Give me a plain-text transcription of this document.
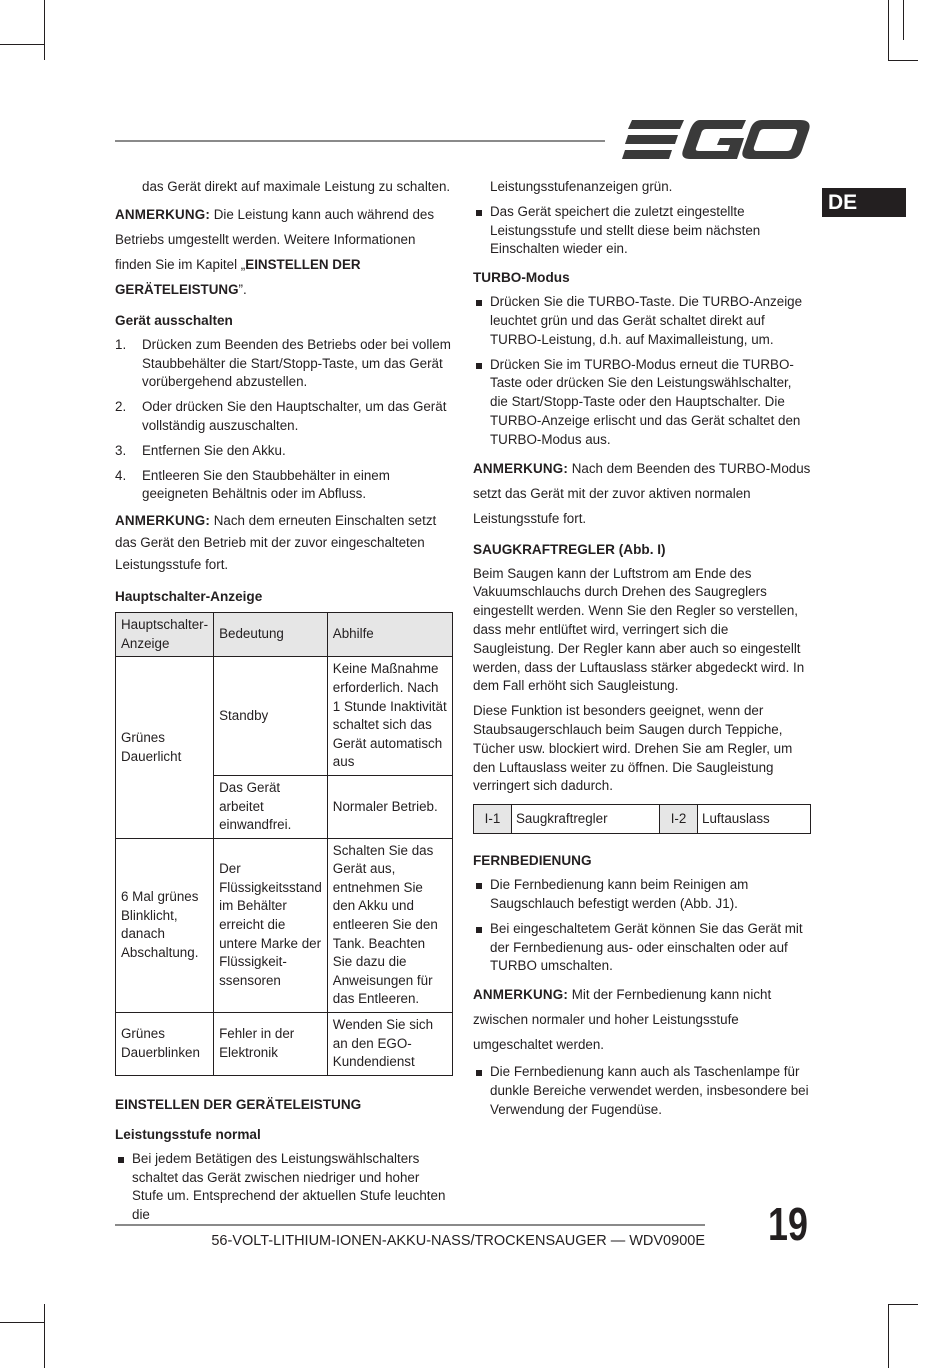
DE

das Gerät direkt auf maximale Leistung zu schalten.

ANMERKUNG: Die Leistung kann auch während des Betriebs umgestellt werden. Weitere Informationen finden Sie im Kapitel „EINSTELLEN DER GERÄTELEISTUNG”.

Gerät ausschalten
1. Drücken zum Beenden des Betriebs oder bei vollem Staubbehälter die Start/Stopp-Taste, um das Gerät vorübergehend abzustellen.
2. Oder drücken Sie den Hauptschalter, um das Gerät vollständig auszuschalten.
3. Entfernen Sie den Akku.
4. Entleeren Sie den Staubbehälter in einem geeigneten Behältnis oder im Abfluss.

ANMERKUNG: Nach dem erneuten Einschalten setzt das Gerät den Betrieb mit der zuvor eingeschalteten Leistungsstufe fort.

Hauptschalter-Anzeige
Hauptschalter-Anzeige	Bedeutung	Abhilfe
Grünes Dauerlicht	Standby	Keine Maßnahme erforderlich. Nach 1 Stunde Inaktivität schaltet sich das Gerät automatisch aus
	Das Gerät arbeitet einwandfrei.	Normaler Betrieb.
6 Mal grünes Blinklicht, danach Abschaltung.	Der Flüssigkeitsstand im Behälter erreicht die untere Marke der Flüssigkeit-ssensoren	Schalten Sie das Gerät aus, entnehmen Sie den Akku und entleeren Sie den Tank. Beachten Sie dazu die Anweisungen für das Entleeren.
Grünes Dauerblinken	Fehler in der Elektronik	Wenden Sie sich an den EGO-Kundendienst
EINSTELLEN DER GERÄTELEISTUNG
Leistungsstufe normal
Bei jedem Betätigen des Leistungswählschalters schaltet das Gerät zwischen niedriger und hoher Stufe um. Entsprechend der aktuellen Stufe leuchten die

Leistungsstufenanzeigen grün.

Das Gerät speichert die zuletzt eingestellte Leistungsstufe und stellt diese beim nächsten Einschalten wieder ein.
TURBO-Modus
Drücken Sie die TURBO-Taste. Die TURBO-Anzeige leuchtet grün und das Gerät schaltet direkt auf TURBO-Leistung, d.h. auf Maximalleistung, um.
Drücken Sie im TURBO-Modus erneut die TURBO-Taste oder drücken Sie den Leistungswählschalter, die Start/Stopp-Taste oder den Hauptschalter. Die TURBO-Anzeige erlischt und das Gerät schaltet den TURBO-Modus aus.

ANMERKUNG: Nach dem Beenden des TURBO-Modus setzt das Gerät mit der zuvor aktiven normalen Leistungsstufe fort.

SAUGKRAFTREGLER (Abb. I)

Beim Saugen kann der Luftstrom am Ende des Vakuumschlauchs durch Drehen des Saugreglers eingestellt werden. Wenn Sie den Regler so verstellen, dass mehr entlüftet wird, verringert sich die Saugleistung. Der Regler kann aber auch so eingestellt werden, dass der Luftauslass stärker abgedeckt wird. In dem Fall erhöht sich Saugleistung.

Diese Funktion ist besonders geeignet, wenn der Staubsaugerschlauch beim Saugen durch Teppiche, Tücher usw. blockiert wird. Drehen Sie am Regler, um den Luftauslass weiter zu öffnen. Die Saugleistung verringert sich dadurch.

I-1	Saugkraftregler	I-2	Luftauslass
FERNBEDIENUNG
Die Fernbedienung kann beim Reinigen am Saugschlauch befestigt werden (Abb. J1).
Bei eingeschaltetem Gerät können Sie das Gerät mit der Fernbedienung aus- oder einschalten oder auf TURBO umschalten.

ANMERKUNG: Mit der Fernbedienung kann nicht zwischen normaler und hoher Leistungsstufe umgeschaltet werden.

Die Fernbedienung kann auch als Taschenlampe für dunkle Bereiche verwendet werden, insbesondere bei Verwendung der Fugendüse.
56-VOLT-LITHIUM-IONEN-AKKU-NASS/TROCKENSAUGER — WDV0900E 19
